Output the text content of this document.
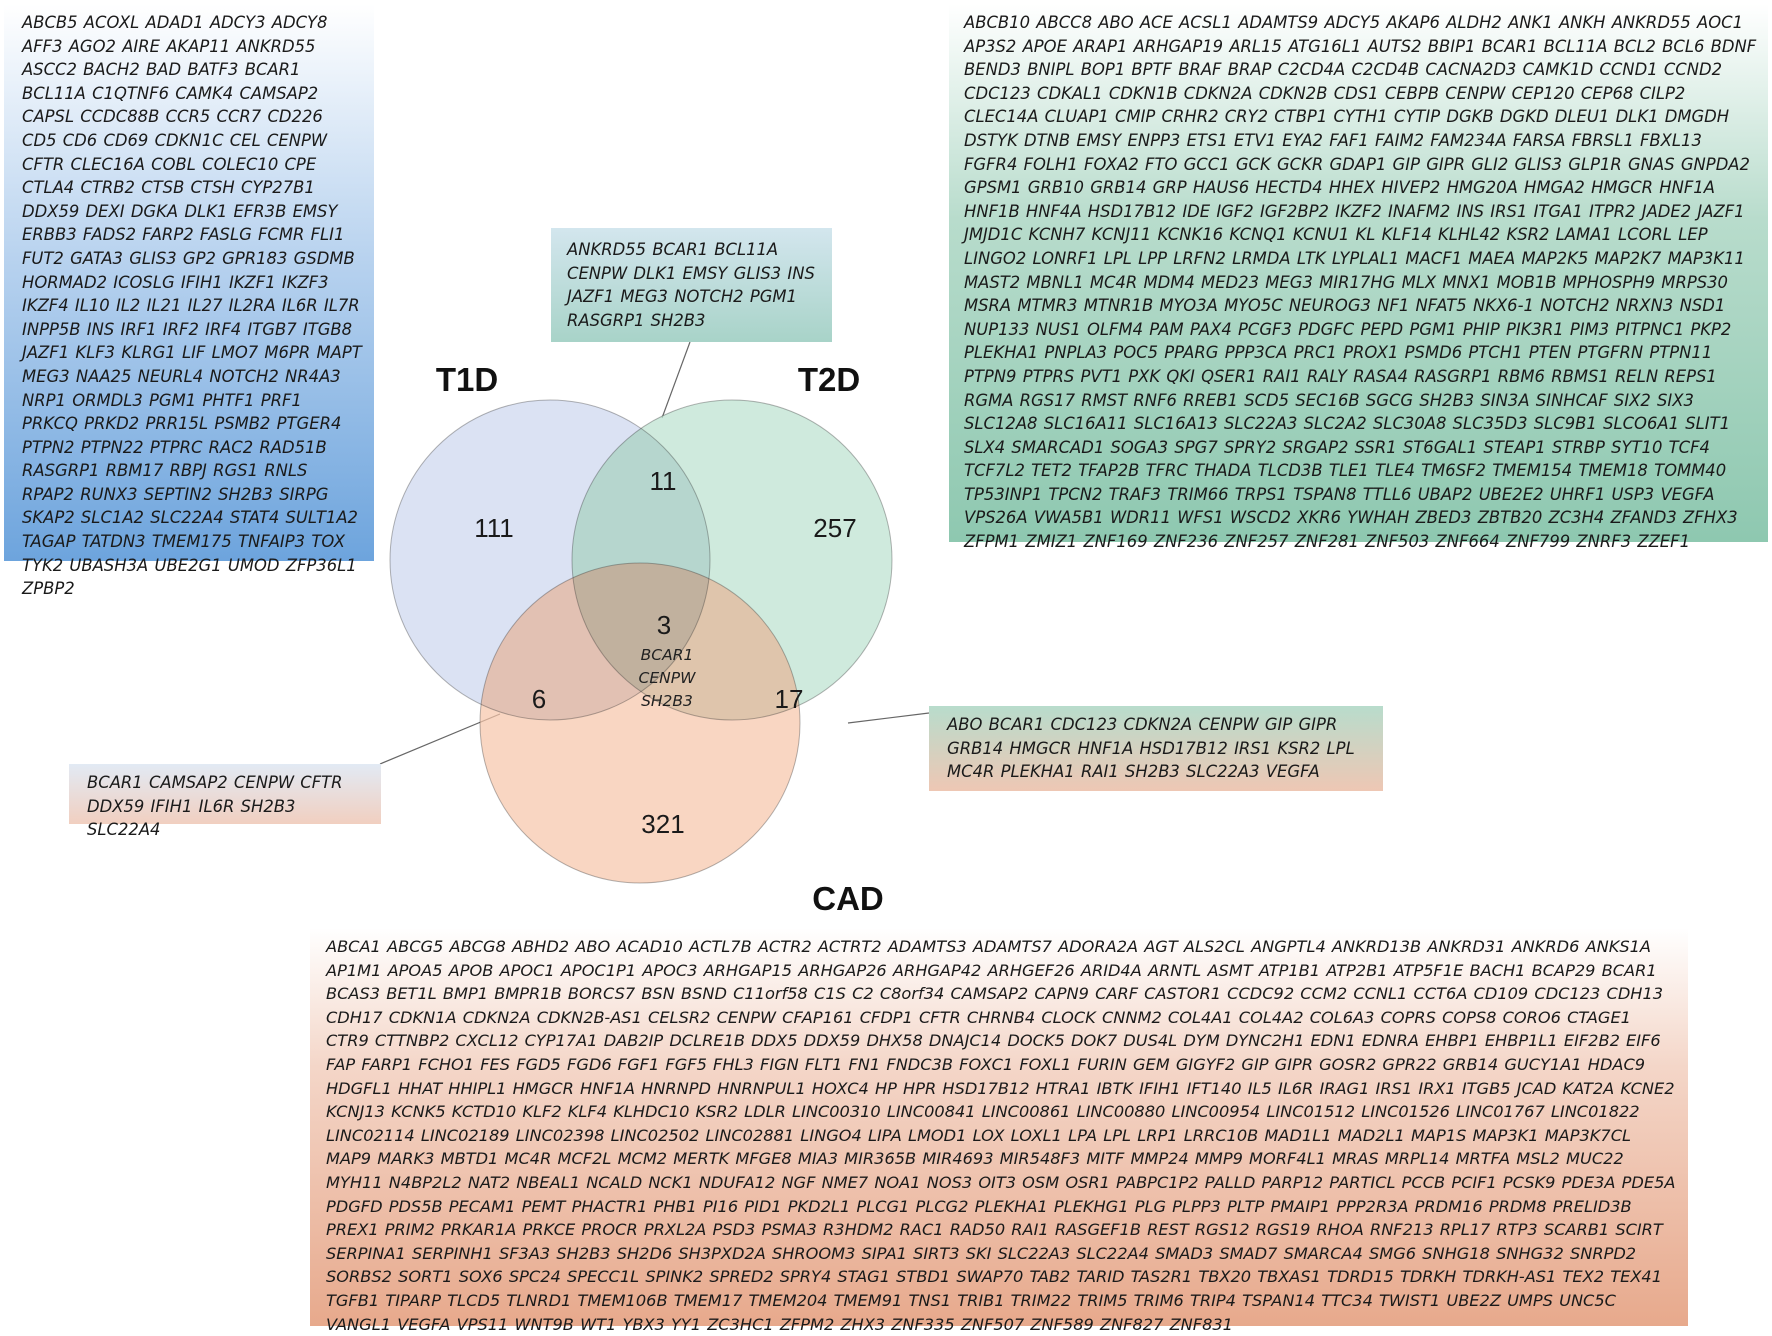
T1D	T2D
CAD
111	257
321
11
6	17
3
BCAR1
CENPW
SH2B3
ABCB5 ACOXL ADAD1 ADCY3 ADCY8 AFF3 AGO2 AIRE AKAP11 ANKRD55 ASCC2 BACH2 BAD BATF3 BCAR1 BCL11A C1QTNF6 CAMK4 CAMSAP2 CAPSL CCDC88B CCR5 CCR7 CD226 CD5 CD6 CD69 CDKN1C CEL CENPW CFTR CLEC16A COBL COLEC10 CPE CTLA4 CTRB2 CTSB CTSH CYP27B1 DDX59 DEXI DGKA DLK1 EFR3B EMSY ERBB3 FADS2 FARP2 FASLG FCMR FLI1 FUT2 GATA3 GLIS3 GP2 GPR183 GSDMB HORMAD2 ICOSLG IFIH1 IKZF1 IKZF3 IKZF4 IL10 IL2 IL21 IL27 IL2RA IL6R IL7R INPP5B INS IRF1 IRF2 IRF4 ITGB7 ITGB8 JAZF1 KLF3 KLRG1 LIF LMO7 M6PR MAPT MEG3 NAA25 NEURL4 NOTCH2 NR4A3 NRP1 ORMDL3 PGM1 PHTF1 PRF1 PRKCQ PRKD2 PRR15L PSMB2 PTGER4 PTPN2 PTPN22 PTPRC RAC2 RAD51B RASGRP1 RBM17 RBPJ RGS1 RNLS RPAP2 RUNX3 SEPTIN2 SH2B3 SIRPG SKAP2 SLC1A2 SLC22A4 STAT4 SULT1A2 TAGAP TATDN3 TMEM175 TNFAIP3 TOX TYK2 UBASH3A UBE2G1 UMOD ZFP36L1 ZPBP2
ABCB10 ABCC8 ABO ACE ACSL1 ADAMTS9 ADCY5 AKAP6 ALDH2 ANK1 ANKH ANKRD55 AOC1 AP3S2 APOE ARAP1 ARHGAP19 ARL15 ATG16L1 AUTS2 BBIP1 BCAR1 BCL11A BCL2 BCL6 BDNF BEND3 BNIPL BOP1 BPTF BRAF BRAP C2CD4A C2CD4B CACNA2D3 CAMK1D CCND1 CCND2 CDC123 CDKAL1 CDKN1B CDKN2A CDKN2B CDS1 CEBPB CENPW CEP120 CEP68 CILP2 CLEC14A CLUAP1 CMIP CRHR2 CRY2 CTBP1 CYTH1 CYTIP DGKB DGKD DLEU1 DLK1 DMGDH DSTYK DTNB EMSY ENPP3 ETS1 ETV1 EYA2 FAF1 FAIM2 FAM234A FARSA FBRSL1 FBXL13 FGFR4 FOLH1 FOXA2 FTO GCC1 GCK GCKR GDAP1 GIP GIPR GLI2 GLIS3 GLP1R GNAS GNPDA2 GPSM1 GRB10 GRB14 GRP HAUS6 HECTD4 HHEX HIVEP2 HMG20A HMGA2 HMGCR HNF1A HNF1B HNF4A HSD17B12 IDE IGF2 IGF2BP2 IKZF2 INAFM2 INS IRS1 ITGA1 ITPR2 JADE2 JAZF1 JMJD1C KCNH7 KCNJ11 KCNK16 KCNQ1 KCNU1 KL KLF14 KLHL42 KSR2 LAMA1 LCORL LEP LINGO2 LONRF1 LPL LPP LRFN2 LRMDA LTK LYPLAL1 MACF1 MAEA MAP2K5 MAP2K7 MAP3K11 MAST2 MBNL1 MC4R MDM4 MED23 MEG3 MIR17HG MLX MNX1 MOB1B MPHOSPH9 MRPS30 MSRA MTMR3 MTNR1B MYO3A MYO5C NEUROG3 NF1 NFAT5 NKX6-1 NOTCH2 NRXN3 NSD1 NUP133 NUS1 OLFM4 PAM PAX4 PCGF3 PDGFC PEPD PGM1 PHIP PIK3R1 PIM3 PITPNC1 PKP2 PLEKHA1 PNPLA3 POC5 PPARG PPP3CA PRC1 PROX1 PSMD6 PTCH1 PTEN PTGFRN PTPN11 PTPN9 PTPRS PVT1 PXK QKI QSER1 RAI1 RALY RASA4 RASGRP1 RBM6 RBMS1 RELN REPS1 RGMA RGS17 RMST RNF6 RREB1 SCD5 SEC16B SGCG SH2B3 SIN3A SINHCAF SIX2 SIX3 SLC12A8 SLC16A11 SLC16A13 SLC22A3 SLC2A2 SLC30A8 SLC35D3 SLC9B1 SLCO6A1 SLIT1 SLX4 SMARCAD1 SOGA3 SPG7 SPRY2 SRGAP2 SSR1 ST6GAL1 STEAP1 STRBP SYT10 TCF4 TCF7L2 TET2 TFAP2B TFRC THADA TLCD3B TLE1 TLE4 TM6SF2 TMEM154 TMEM18 TOMM40 TP53INP1 TPCN2 TRAF3 TRIM66 TRPS1 TSPAN8 TTLL6 UBAP2 UBE2E2 UHRF1 USP3 VEGFA VPS26A VWA5B1 WDR11 WFS1 WSCD2 XKR6 YWHAH ZBED3 ZBTB20 ZC3H4 ZFAND3 ZFHX3 ZFPM1 ZMIZ1 ZNF169 ZNF236 ZNF257 ZNF281 ZNF503 ZNF664 ZNF799 ZNRF3 ZZEF1
ABCA1 ABCG5 ABCG8 ABHD2 ABO ACAD10 ACTL7B ACTR2 ACTRT2 ADAMTS3 ADAMTS7 ADORA2A AGT ALS2CL ANGPTL4 ANKRD13B ANKRD31 ANKRD6 ANKS1A AP1M1 APOA5 APOB APOC1 APOC1P1 APOC3 ARHGAP15 ARHGAP26 ARHGAP42 ARHGEF26 ARID4A ARNTL ASMT ATP1B1 ATP2B1 ATP5F1E BACH1 BCAP29 BCAR1 BCAS3 BET1L BMP1 BMPR1B BORCS7 BSN BSND C11orf58 C1S C2 C8orf34 CAMSAP2 CAPN9 CARF CASTOR1 CCDC92 CCM2 CCNL1 CCT6A CD109 CDC123 CDH13 CDH17 CDKN1A CDKN2A CDKN2B-AS1 CELSR2 CENPW CFAP161 CFDP1 CFTR CHRNB4 CLOCK CNNM2 COL4A1 COL4A2 COL6A3 COPRS COPS8 CORO6 CTAGE1 CTR9 CTTNBP2 CXCL12 CYP17A1 DAB2IP DCLRE1B DDX5 DDX59 DHX58 DNAJC14 DOCK5 DOK7 DUS4L DYM DYNC2H1 EDN1 EDNRA EHBP1 EHBP1L1 EIF2B2 EIF6 FAP FARP1 FCHO1 FES FGD5 FGD6 FGF1 FGF5 FHL3 FIGN FLT1 FN1 FNDC3B FOXC1 FOXL1 FURIN GEM GIGYF2 GIP GIPR GOSR2 GPR22 GRB14 GUCY1A1 HDAC9 HDGFL1 HHAT HHIPL1 HMGCR HNF1A HNRNPD HNRNPUL1 HOXC4 HP HPR HSD17B12 HTRA1 IBTK IFIH1 IFT140 IL5 IL6R IRAG1 IRS1 IRX1 ITGB5 JCAD KAT2A KCNE2 KCNJ13 KCNK5 KCTD10 KLF2 KLF4 KLHDC10 KSR2 LDLR LINC00310 LINC00841 LINC00861 LINC00880 LINC00954 LINC01512 LINC01526 LINC01767 LINC01822 LINC02114 LINC02189 LINC02398 LINC02502 LINC02881 LINGO4 LIPA LMOD1 LOX LOXL1 LPA LPL LRP1 LRRC10B MAD1L1 MAD2L1 MAP1S MAP3K1 MAP3K7CL MAP9 MARK3 MBTD1 MC4R MCF2L MCM2 MERTK MFGE8 MIA3 MIR365B MIR4693 MIR548F3 MITF MMP24 MMP9 MORF4L1 MRAS MRPL14 MRTFA MSL2 MUC22 MYH11 N4BP2L2 NAT2 NBEAL1 NCALD NCK1 NDUFA12 NGF NME7 NOA1 NOS3 OIT3 OSM OSR1 PABPC1P2 PALLD PARP12 PARTICL PCCB PCIF1 PCSK9 PDE3A PDE5A PDGFD PDS5B PECAM1 PEMT PHACTR1 PHB1 PI16 PID1 PKD2L1 PLCG1 PLCG2 PLEKHA1 PLEKHG1 PLG PLPP3 PLTP PMAIP1 PPP2R3A PRDM16 PRDM8 PRELID3B PREX1 PRIM2 PRKAR1A PRKCE PROCR PRXL2A PSD3 PSMA3 R3HDM2 RAC1 RAD50 RAI1 RASGEF1B REST RGS12 RGS19 RHOA RNF213 RPL17 RTP3 SCARB1 SCIRT SERPINA1 SERPINH1 SF3A3 SH2B3 SH2D6 SH3PXD2A SHROOM3 SIPA1 SIRT3 SKI SLC22A3 SLC22A4 SMAD3 SMAD7 SMARCA4 SMG6 SNHG18 SNHG32 SNRPD2 SORBS2 SORT1 SOX6 SPC24 SPECC1L SPINK2 SPRED2 SPRY4 STAG1 STBD1 SWAP70 TAB2 TARID TAS2R1 TBX20 TBXAS1 TDRD15 TDRKH TDRKH-AS1 TEX2 TEX41 TGFB1 TIPARP TLCD5 TLNRD1 TMEM106B TMEM17 TMEM204 TMEM91 TNS1 TRIB1 TRIM22 TRIM5 TRIM6 TRIP4 TSPAN14 TTC34 TWIST1 UBE2Z UMPS UNC5C VANGL1 VEGFA VPS11 WNT9B WT1 YBX3 YY1 ZC3HC1 ZFPM2 ZHX3 ZNF335 ZNF507 ZNF589 ZNF827 ZNF831
ANKRD55 BCAR1 BCL11A CENPW DLK1 EMSY GLIS3 INS JAZF1 MEG3 NOTCH2 PGM1 RASGRP1 SH2B3
BCAR1 CAMSAP2 CENPW CFTR DDX59 IFIH1 IL6R SH2B3 SLC22A4
ABO BCAR1 CDC123 CDKN2A CENPW GIP GIPR GRB14 HMGCR HNF1A HSD17B12 IRS1 KSR2 LPL MC4R PLEKHA1 RAI1 SH2B3 SLC22A3 VEGFA
